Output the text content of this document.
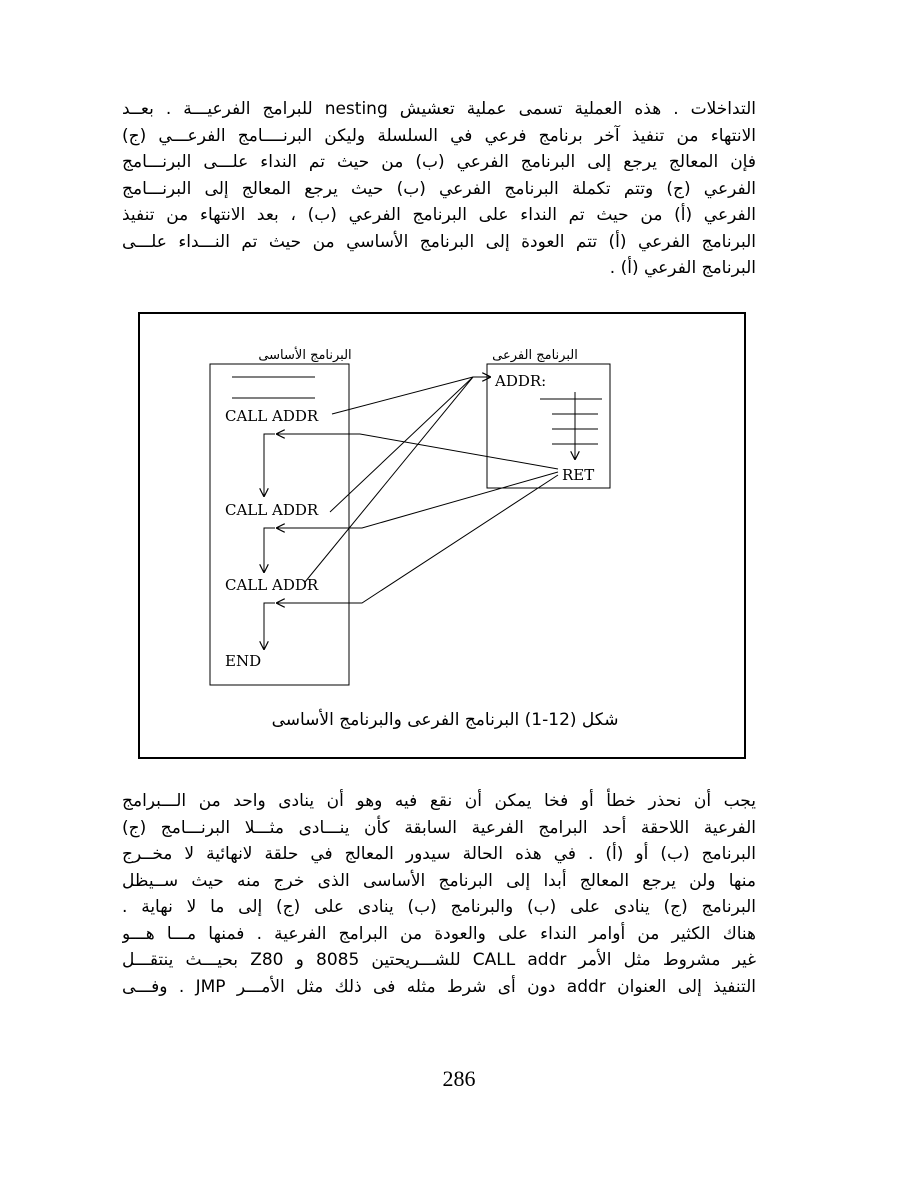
التداخلات . هذه العملية تسمى عملية تعشيش nesting للبرامج الفرعيـــة . بعــد
الانتهاء من تنفيذ آخر برنامج فرعي في السلسلة وليكن البرنــــامج الفرعـــي (ج)
فإن المعالج يرجع إلى البرنامج الفرعي (ب) من حيث تم النداء علـــى البرنـــامج
الفرعي (ج) وتتم تكملة البرنامج الفرعي (ب) حيث يرجع المعالج إلى البرنـــامج
الفرعي (أ) من حيث تم النداء على البرنامج الفرعي (ب) ، بعد الانتهاء من تنفيذ
البرنامج الفرعي (أ) تتم العودة إلى البرنامج الأساسي من حيث تم النـــداء علـــى
البرنامج الفرعي (أ) .
البرنامج الأساسى	البرنامج الفرعى
CALL ADDR
CALL ADDR
CALL ADDR
END
ADDR:
RET
شكل (12-1) البرنامج الفرعى والبرنامج الأساسى
يجب أن نحذر خطأ أو فخا يمكن أن نقع فيه وهو أن ينادى واحد من الـــبرامج
الفرعية اللاحقة أحد البرامج الفرعية السابقة كأن ينـــادى مثـــلا البرنـــامج (ج)
البرنامج (ب) أو (أ) . في هذه الحالة سيدور المعالج في حلقة لانهائية لا مخــرج
منها ولن يرجع المعالج أبدا إلى البرنامج الأساسى الذى خرج منه حيث ســيظل
البرنامج (ج) ينادى على (ب) والبرنامج (ب) ينادى على (ج) إلى ما لا نهاية .
هناك الكثير من أوامر النداء على والعودة من البرامج الفرعية . فمنها مـــا هـــو
غير مشروط مثل الأمر CALL addr للشـــريحتين 8085 و Z80 بحيـــث ينتقـــل
التنفيذ إلى العنوان addr دون أى شرط مثله فى ذلك مثل الأمـــر JMP . وفـــى
286
